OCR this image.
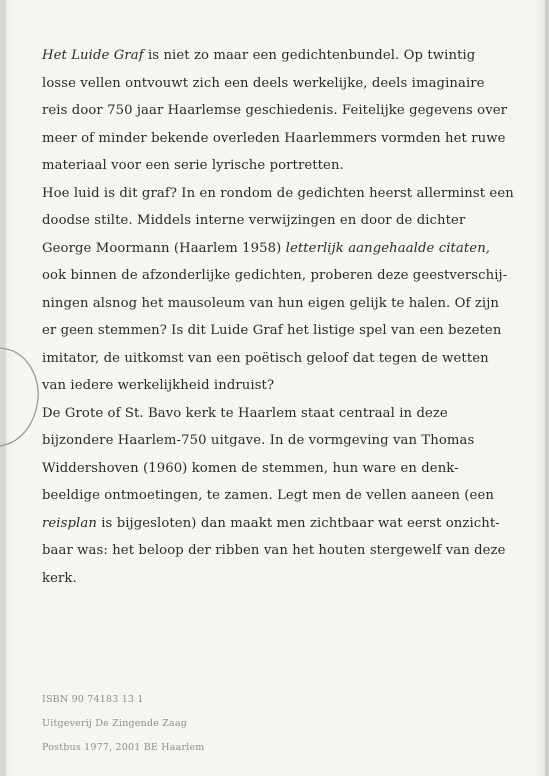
Het Luide Graf is niet zo maar een gedichtenbundel. Op twintig
losse vellen ontvouwt zich een deels werkelijke, deels imaginaire
reis door 750 jaar Haarlemse geschiedenis. Feitelijke gegevens over
meer of minder bekende overleden Haarlemmers vormden het ruwe
materiaal voor een serie lyrische portretten.
Hoe luid is dit graf? In en rondom de gedichten heerst allerminst een
doodse stilte. Middels interne verwijzingen en door de dichter
George Moormann (Haarlem 1958) letterlijk aangehaalde citaten,
ook binnen de afzonderlijke gedichten, proberen deze geestverschij-
ningen alsnog het mausoleum van hun eigen gelijk te halen. Of zijn
er geen stemmen? Is dit Luide Graf het listige spel van een bezeten
imitator, de uitkomst van een poëtisch geloof dat tegen de wetten
van iedere werkelijkheid indruist?
De Grote of St. Bavo kerk te Haarlem staat centraal in deze
bijzondere Haarlem-750 uitgave. In de vormgeving van Thomas
Widdershoven (1960) komen de stemmen, hun ware en denk-
beeldige ontmoetingen, te zamen. Legt men de vellen aaneen (een
reisplan is bijgesloten) dan maakt men zichtbaar wat eerst onzicht-
baar was: het beloop der ribben van het houten stergewelf van deze
kerk.
ISBN 90 74183 13 1
Uitgeverij De Zingende Zaag
Postbus 1977, 2001 BE Haarlem
